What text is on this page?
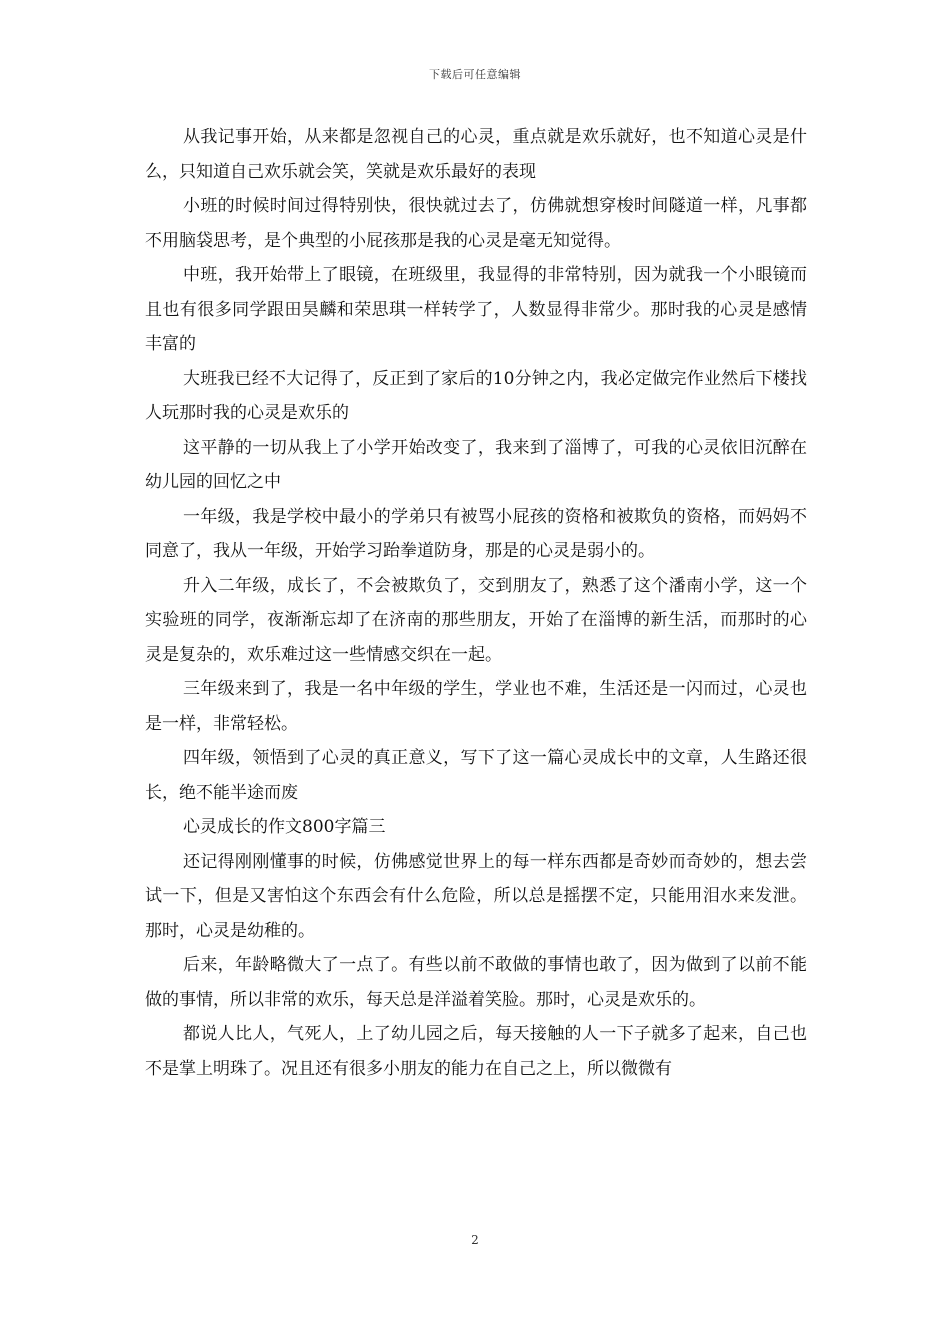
下载后可任意编辑

从我记事开始，从来都是忽视自己的心灵，重点就是欢乐就好，也不知道心灵是什么，只知道自己欢乐就会笑，笑就是欢乐最好的表现

小班的时候时间过得特别快，很快就过去了，仿佛就想穿梭时间隧道一样，凡事都不用脑袋思考，是个典型的小屁孩那是我的心灵是毫无知觉得。

中班，我开始带上了眼镜，在班级里，我显得的非常特别，因为就我一个小眼镜而且也有很多同学跟田昊麟和荣思琪一样转学了，人数显得非常少。那时我的心灵是感情丰富的

大班我已经不大记得了，反正到了家后的10分钟之内，我必定做完作业然后下楼找人玩那时我的心灵是欢乐的

这平静的一切从我上了小学开始改变了，我来到了淄博了，可我的心灵依旧沉醉在幼儿园的回忆之中

一年级，我是学校中最小的学弟只有被骂小屁孩的资格和被欺负的资格，而妈妈不同意了，我从一年级，开始学习跆拳道防身，那是的心灵是弱小的。

升入二年级，成长了，不会被欺负了，交到朋友了，熟悉了这个潘南小学，这一个实验班的同学，夜渐渐忘却了在济南的那些朋友，开始了在淄博的新生活，而那时的心灵是复杂的，欢乐难过这一些情感交织在一起。

三年级来到了，我是一名中年级的学生，学业也不难，生活还是一闪而过，心灵也是一样，非常轻松。

四年级，领悟到了心灵的真正意义，写下了这一篇心灵成长中的文章，人生路还很长，绝不能半途而废

心灵成长的作文800字篇三

还记得刚刚懂事的时候，仿佛感觉世界上的每一样东西都是奇妙而奇妙的，想去尝试一下，但是又害怕这个东西会有什么危险，所以总是摇摆不定，只能用泪水来发泄。那时，心灵是幼稚的。

后来，年龄略微大了一点了。有些以前不敢做的事情也敢了，因为做到了以前不能做的事情，所以非常的欢乐，每天总是洋溢着笑脸。那时，心灵是欢乐的。

都说人比人，气死人，上了幼儿园之后，每天接触的人一下子就多了起来，自己也不是掌上明珠了。况且还有很多小朋友的能力在自己之上，所以微微有

2
